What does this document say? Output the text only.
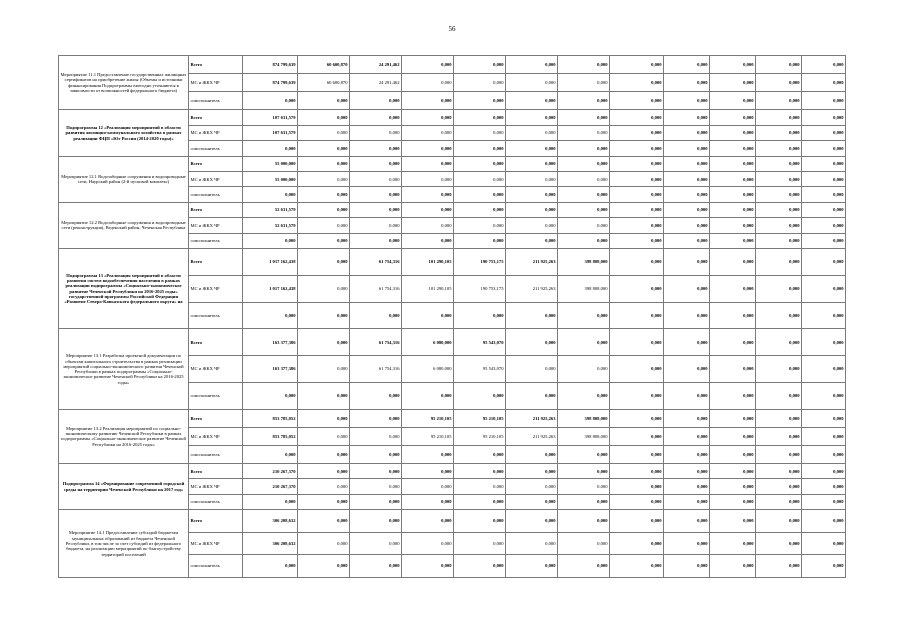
56
Мероприятие 11.1 Предоставление государственных жилищных сертификатов на приобретение жилья (Объемы и источники финансирования Подпрограммы ежегодно уточняются в зависимости от возможностей федерального бюджета)	Всего	874 799,639	60 600,870	24 291,462	0,000	0,000	0,000	0,000	0,000	0,000	0,000	0,000	0,000
	МС и ЖКХ ЧР	874 799,639	60 600,870	24 291,462	0,000	0,000	0,000	0,000	0,000	0,000	0,000	0,000	0,000
	соисполнитель	0,000	0,000	0,000	0,000	0,000	0,000	0,000	0,000	0,000	0,000	0,000	0,000
Подпрограмма 12 «Реализация мероприятий в области развития жилищно-коммунального хозяйства в рамках реализации ФЦП «Юг России (2014-2020 годы)»	Всего	107 631,579	0,000	0,000	0,000	0,000	0,000	0,000	0,000	0,000	0,000	0,000	0,000
	МС и ЖКХ ЧР	107 631,579	0,000	0,000	0,000	0,000	0,000	0,000	0,000	0,000	0,000	0,000	0,000
	соисполнитель	0,000	0,000	0,000	0,000	0,000	0,000	0,000	0,000	0,000	0,000	0,000	0,000
Мероприятие 12.1 Водозаборные сооружения и водопроводные сети, Наурский район (2-й пусковой комплекс)	Всего	55 000,000	0,000	0,000	0,000	0,000	0,000	0,000	0,000	0,000	0,000	0,000	0,000
	МС и ЖКХ ЧР	55 000,000	0,000	0,000	0,000	0,000	0,000	0,000	0,000	0,000	0,000	0,000	0,000
	соисполнитель	0,000	0,000	0,000	0,000	0,000	0,000	0,000	0,000	0,000	0,000	0,000	0,000
Мероприятие 12.2 Водозаборные сооружения и водопроводные сети (реконструкция), Веденский район, Чеченская Республика	Всего	52 631,579	0,000	0,000	0,000	0,000	0,000	0,000	0,000	0,000	0,000	0,000	0,000
	МС и ЖКХ ЧР	52 631,579	0,000	0,000	0,000	0,000	0,000	0,000	0,000	0,000	0,000	0,000	0,000
	соисполнитель	0,000	0,000	0,000	0,000	0,000	0,000	0,000	0,000	0,000	0,000	0,000	0,000
Подпрограмма 13 «Реализация мероприятий в области развития систем водообеспечения населения в рамках реализации подпрограммы «Социально-экономическое развитие Чеченской Республики на 2016-2025 годы» государственной программы Российской Федерации «Развитие Северо-Кавказского федерального округа» на	Всего	1 017 162,438	0,000	61 754,316	101 290,105	190 753,175	211 925,263	398 808,000	0,000	0,000	0,000	0,000	0,000
	МС и ЖКХ ЧР	1 017 162,438	0,000	61 754,316	101 290,105	190 753,175	211 925,263	398 808,000	0,000	0,000	0,000	0,000	0,000
	соисполнитель	0,000	0,000	0,000	0,000	0,000	0,000	0,000	0,000	0,000	0,000	0,000	0,000
Мероприятие 13.1 Разработка проектной документации по объектам капитального строительства в рамках реализации мероприятий социально-экономического развития Чеченской Республики в рамках подпрограммы «Социально-экономическое развитие Чеченской Республики на 2016-2025 годы»	Всего	163 377,386	0,000	61 754,316	6 080,000	95 543,070	0,000	0,000	0,000	0,000	0,000	0,000	0,000
	МС и ЖКХ ЧР	163 377,386	0,000	61 754,316	6 080,000	95 543,070	0,000	0,000	0,000	0,000	0,000	0,000	0,000
	соисполнитель	0,000	0,000	0,000	0,000	0,000	0,000	0,000	0,000	0,000	0,000	0,000	0,000
Мероприятие 13.2 Реализация мероприятий по социально-экономическому развитию Чеченской Республики в рамках подпрограммы «Социально-экономическое развитие Чеченской Республики на 2016-2025 годы»	Всего	853 785,052	0,000	0,000	95 210,105	95 210,105	211 925,263	398 808,000	0,000	0,000	0,000	0,000	0,000
	МС и ЖКХ ЧР	853 785,052	0,000	0,000	95 210,105	95 210,105	211 925,263	398 808,000	0,000	0,000	0,000	0,000	0,000
	соисполнитель	0,000	0,000	0,000	0,000	0,000	0,000	0,000	0,000	0,000	0,000	0,000	0,000
Подпрограмма 14 «Формирование современной городской среды на территории Чеченской Республики на 2017 год»	Всего	210 267,370	0,000	0,000	0,000	0,000	0,000	0,000	0,000	0,000	0,000	0,000	0,000
	МС и ЖКХ ЧР	210 267,370	0,000	0,000	0,000	0,000	0,000	0,000	0,000	0,000	0,000	0,000	0,000
	соисполнитель	0,000	0,000	0,000	0,000	0,000	0,000	0,000	0,000	0,000	0,000	0,000	0,000
Мероприятие 14.1 Предоставление субсидий бюджетам муниципальных образований из бюджета Чеченской Республики, в том числе за счет субсидий из федерального бюджета, на реализацию мероприятий по благоустройству территорий поселений	Всего	306 208,632	0,000	0,000	0,000	0,000	0,000	0,000	0,000	0,000	0,000	0,000	0,000
	МС и ЖКХ ЧР	306 208,632	0,000	0,000	0,000	0,000	0,000	0,000	0,000	0,000	0,000	0,000	0,000
	соисполнитель	0,000	0,000	0,000	0,000	0,000	0,000	0,000	0,000	0,000	0,000	0,000	0,000
